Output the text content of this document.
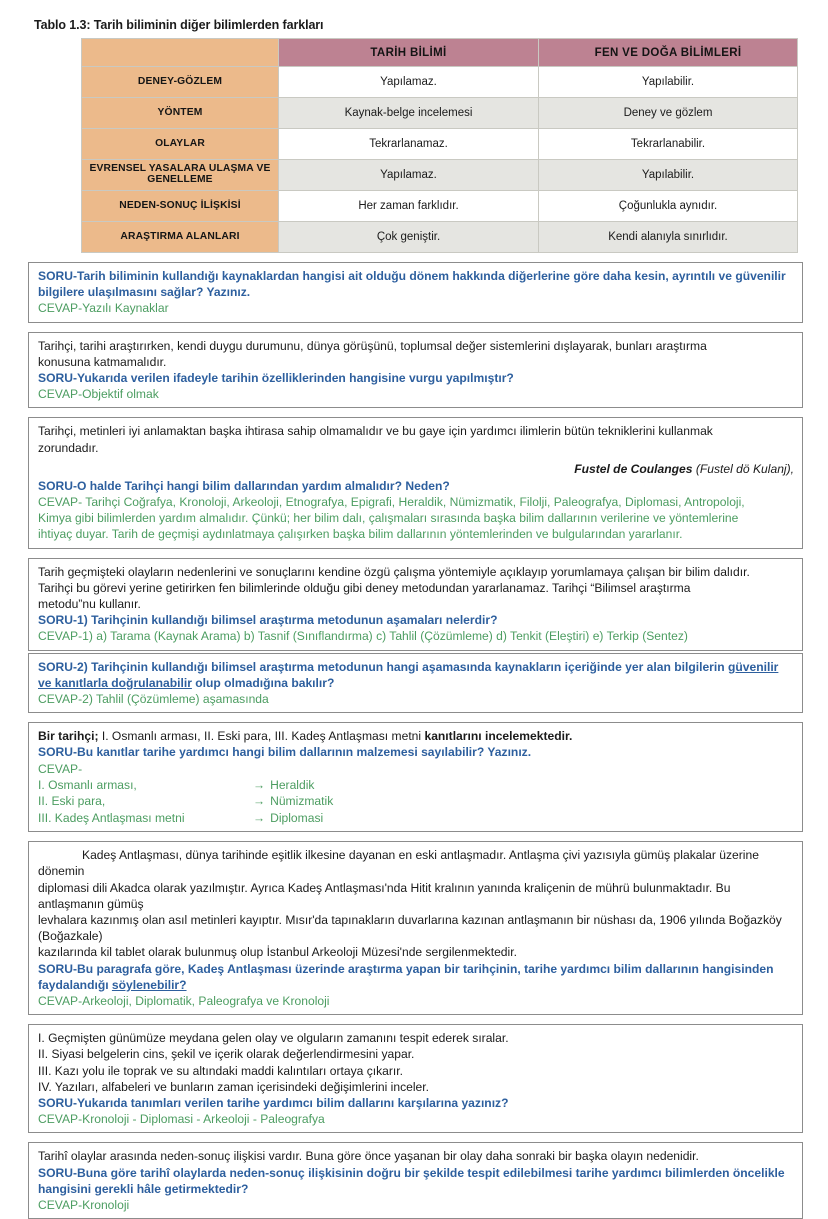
Tablo 1.3: Tarih biliminin diğer bilimlerden farkları
	TARİH BİLİMİ	FEN VE DOĞA BİLİMLERİ
DENEY-GÖZLEM	Yapılamaz.	Yapılabilir.
YÖNTEM	Kaynak-belge incelemesi	Deney ve gözlem
OLAYLAR	Tekrarlanamaz.	Tekrarlanabilir.
EVRENSEL YASALARA ULAŞMA VE GENELLEME	Yapılamaz.	Yapılabilir.
NEDEN-SONUÇ İLİŞKİSİ	Her zaman farklıdır.	Çoğunlukla aynıdır.
ARAŞTIRMA ALANLARI	Çok geniştir.	Kendi alanıyla sınırlıdır.

SORU-Tarih biliminin kullandığı kaynaklardan hangisi ait olduğu dönem hakkında diğerlerine göre daha kesin, ayrıntılı ve güvenilir

bilgilere ulaşılmasını sağlar? Yazınız.

CEVAP-Yazılı Kaynaklar

Tarihçi, tarihi araştırırken, kendi duygu durumunu, dünya görüşünü, toplumsal değer sistemlerini dışlayarak, bunları araştırma

konusuna katmamalıdır.

SORU-Yukarıda verilen ifadeyle tarihin özelliklerinden hangisine vurgu yapılmıştır?

CEVAP-Objektif olmak

Tarihçi, metinleri iyi anlamaktan başka ihtirasa sahip olmamalıdır ve bu gaye için yardımcı ilimlerin bütün tekniklerini kullanmak

zorundadır.

Fustel de Coulanges (Fustel dö Kulanj),

SORU-O halde Tarihçi hangi bilim dallarından yardım almalıdır? Neden?

CEVAP- Tarihçi Coğrafya, Kronoloji, Arkeoloji, Etnografya, Epigrafi, Heraldik, Nümizmatik, Filolji, Paleografya, Diplomasi, Antropoloji,

Kimya gibi bilimlerden yardım almalıdır. Çünkü; her bilim dalı, çalışmaları sırasında başka bilim dallarının verilerine ve yöntemlerine

ihtiyaç duyar. Tarih de geçmişi aydınlatmaya çalışırken başka bilim dallarının yöntemlerinden ve bulgularından yararlanır.

Tarih geçmişteki olayların nedenlerini ve sonuçlarını kendine özgü çalışma yöntemiyle açıklayıp yorumlamaya çalışan bir bilim dalıdır.

Tarihçi bu görevi yerine getirirken fen bilimlerinde olduğu gibi deney metodundan yararlanamaz. Tarihçi “Bilimsel araştırma

metodu”nu kullanır.

SORU-1) Tarihçinin kullandığı bilimsel araştırma metodunun aşamaları nelerdir?

CEVAP-1) a) Tarama (Kaynak Arama) b) Tasnif (Sınıflandırma) c) Tahlil (Çözümleme) d) Tenkit (Eleştiri) e) Terkip (Sentez)

SORU-2) Tarihçinin kullandığı bilimsel araştırma metodunun hangi aşamasında kaynakların içeriğinde yer alan bilgilerin güvenilir

ve kanıtlarla doğrulanabilir olup olmadığına bakılır?

CEVAP-2) Tahlil (Çözümleme) aşamasında

Bir tarihçi; I. Osmanlı arması, II. Eski para, III. Kadeş Antlaşması metni kanıtlarını incelemektedir.

SORU-Bu kanıtlar tarihe yardımcı hangi bilim dallarının malzemesi sayılabilir? Yazınız.

CEVAP-

I. Osmanlı arması,	→ Heraldik
II. Eski para,	→ Nümizmatik
III. Kadeş Antlaşması metni	→ Diplomasi

Kadeş Antlaşması, dünya tarihinde eşitlik ilkesine dayanan en eski antlaşmadır. Antlaşma çivi yazısıyla gümüş plakalar üzerine dönemin

diplomasi dili Akadca olarak yazılmıştır. Ayrıca Kadeş Antlaşması'nda Hitit kralının yanında kraliçenin de mührü bulunmaktadır. Bu antlaşmanın gümüş

levhalara kazınmış olan asıl metinleri kayıptır. Mısır'da tapınakların duvarlarına kazınan antlaşmanın bir nüshası da, 1906 yılında Boğazköy (Boğazkale)

kazılarında kil tablet olarak bulunmuş olup İstanbul Arkeoloji Müzesi'nde sergilenmektedir.

SORU-Bu paragrafa göre, Kadeş Antlaşması üzerinde araştırma yapan bir tarihçinin, tarihe yardımcı bilim dallarının hangisinden

faydalandığı söylenebilir?

CEVAP-Arkeoloji, Diplomatik, Paleografya ve Kronoloji

I. Geçmişten günümüze meydana gelen olay ve olguların zamanını tespit ederek sıralar.

II. Siyasi belgelerin cins, şekil ve içerik olarak değerlendirmesini yapar.

III. Kazı yolu ile toprak ve su altındaki maddi kalıntıları ortaya çıkarır.

IV. Yazıları, alfabeleri ve bunların zaman içerisindeki değişimlerini inceler.

SORU-Yukarıda tanımları verilen tarihe yardımcı bilim dallarını karşılarına yazınız?

CEVAP-Kronoloji - Diplomasi - Arkeoloji - Paleografya

Tarihî olaylar arasında neden-sonuç ilişkisi vardır. Buna göre önce yaşanan bir olay daha sonraki bir başka olayın nedenidir.

SORU-Buna göre tarihî olaylarda neden-sonuç ilişkisinin doğru bir şekilde tespit edilebilmesi tarihe yardımcı bilimlerden öncelikle

hangisini gerekli hâle getirmektedir?

CEVAP-Kronoloji
